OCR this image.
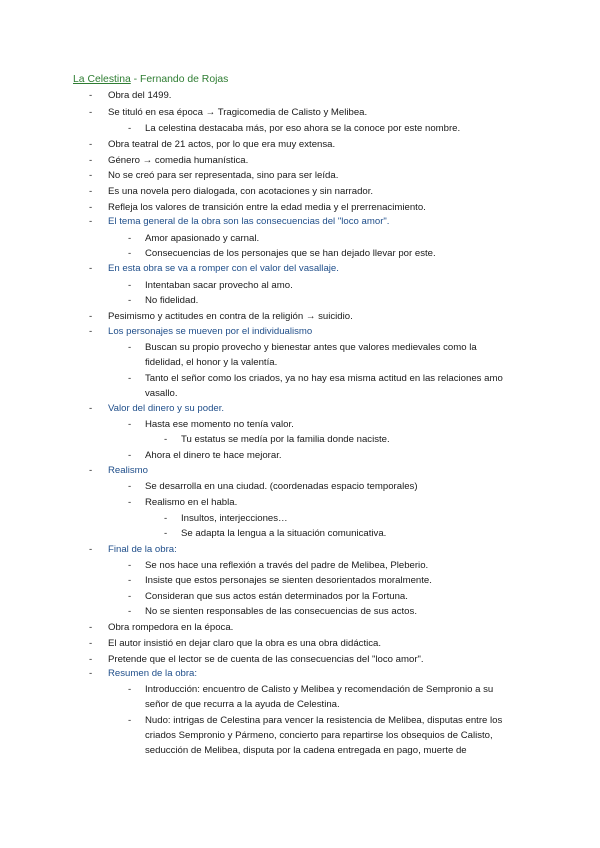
La Celestina - Fernando de Rojas
- Obra del 1499.
- Se tituló en esa época → Tragicomedia de Calisto y Melibea.
- La celestina destacaba más, por eso ahora se la conoce por este nombre.
- Obra teatral de 21 actos, por lo que era muy extensa.
- Género → comedia humanística.
- No se creó para ser representada, sino para ser leída.
- Es una novela pero dialogada, con acotaciones y sin narrador.
- Refleja los valores de transición entre la edad media y el prerrenacimiento.
- El tema general de la obra son las consecuencias del "loco amor".
- Amor apasionado y carnal.
- Consecuencias de los personajes que se han dejado llevar por este.
- En esta obra se va a romper con el valor del vasallaje.
- Intentaban sacar provecho al amo.
- No fidelidad.
- Pesimismo y actitudes en contra de la religión → suicidio.
- Los personajes se mueven por el individualismo
- Buscan su propio provecho y bienestar antes que valores medievales como la
fidelidad, el honor y la valentía.
- Tanto el señor como los criados, ya no hay esa misma actitud en las relaciones amo
vasallo.
- Valor del dinero y su poder.
- Hasta ese momento no tenía valor.
- Tu estatus se medía por la familia donde naciste.
- Ahora el dinero te hace mejorar.
- Realismo
- Se desarrolla en una ciudad. (coordenadas espacio temporales)
- Realismo en el habla.
- Insultos, interjecciones…
- Se adapta la lengua a la situación comunicativa.
- Final de la obra:
- Se nos hace una reflexión a través del padre de Melibea, Pleberio.
- Insiste que estos personajes se sienten desorientados moralmente.
- Consideran que sus actos están determinados por la Fortuna.
- No se sienten responsables de las consecuencias de sus actos.
- Obra rompedora en la época.
- El autor insistió en dejar claro que la obra es una obra didáctica.
- Pretende que el lector se de cuenta de las consecuencias del "loco amor".
- Resumen de la obra:
- Introducción: encuentro de Calisto y Melibea y recomendación de Sempronio a su
señor de que recurra a la ayuda de Celestina.
- Nudo: intrigas de Celestina para vencer la resistencia de Melibea, disputas entre los
criados Sempronio y Pármeno, concierto para repartirse los obsequios de Calisto,
seducción de Melibea, disputa por la cadena entregada en pago, muerte de
